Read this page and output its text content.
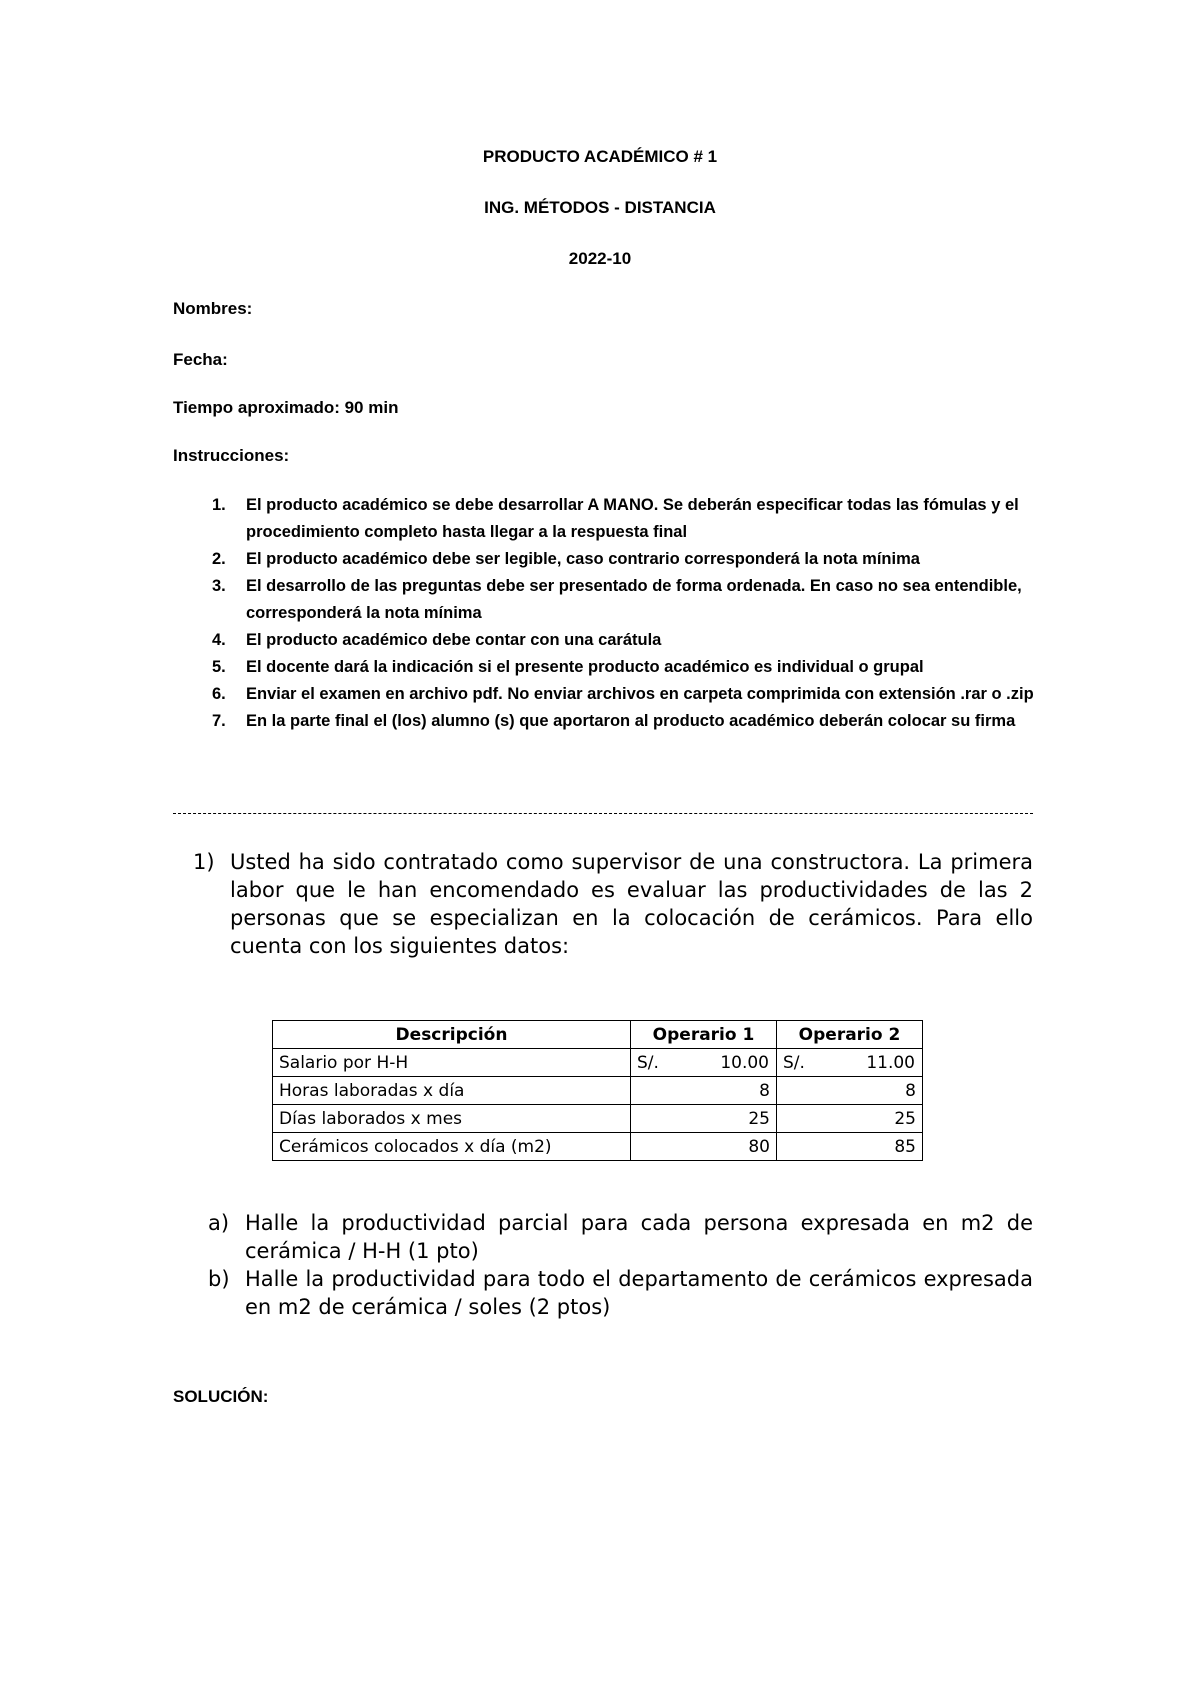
PRODUCTO ACADÉMICO # 1
ING. MÉTODOS - DISTANCIA
2022-10
Nombres:
Fecha:
Tiempo aproximado: 90 min
Instrucciones:
1. El producto académico se debe desarrollar A MANO. Se deberán especificar todas las fómulas y el procedimiento completo hasta llegar a la respuesta final
2. El producto académico debe ser legible, caso contrario corresponderá la nota mínima
3. El desarrollo de las preguntas debe ser presentado de forma ordenada. En caso no sea entendible, corresponderá la nota mínima
4. El producto académico debe contar con una carátula
5. El docente dará la indicación si el presente producto académico es individual o grupal
6. Enviar el examen en archivo pdf. No enviar archivos en carpeta comprimida con extensión .rar o .zip
7. En la parte final el (los) alumno (s) que aportaron al producto académico deberán colocar su firma
1) Usted ha sido contratado como supervisor de una constructora. La primera labor que le han encomendado es evaluar las productividades de las 2 personas que se especializan en la colocación de cerámicos. Para ello cuenta con los siguientes datos:
Descripción	Operario 1	Operario 2
Salario por H-H	S/. 10.00	S/. 11.00
Horas laboradas x día	8	8
Días laborados x mes	25	25
Cerámicos colocados x día (m2)	80	85
a) Halle la productividad parcial para cada persona expresada en m2 de cerámica / H-H (1 pto)
b) Halle la productividad para todo el departamento de cerámicos expresada en m2 de cerámica / soles (2 ptos)
SOLUCIÓN:
